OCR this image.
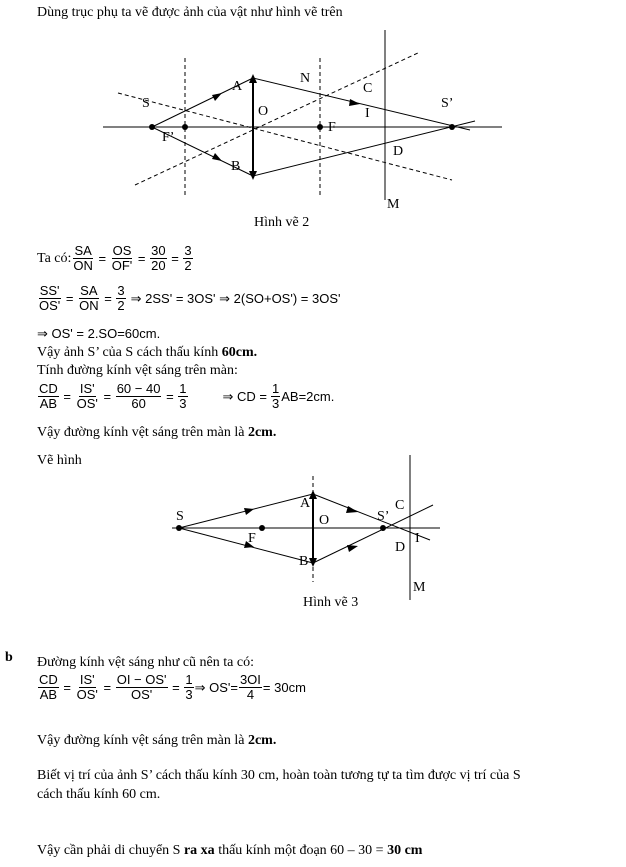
Dùng trục phụ ta vẽ được ảnh của vật như hình vẽ trên
S
A
N
C
I
S’
O
F
F’
B
D
M
Hình vẽ 2
Ta có: $\frac{SA}{ON} = \frac{OS}{OF'} = \frac{30}{20} = \frac{3}{2}$
$\frac{SS'}{OS'} = \frac{SA}{ON} = \frac{3}{2}$ ⇒ 2SS' = 3OS' ⇒ 2(SO+OS') = 3OS'
⇒ OS' = 2.SO=60cm.
Vậy ảnh S’ của S cách thấu kính 60cm.
Tính đường kính vệt sáng trên màn:
$\frac{CD}{AB} = \frac{IS'}{OS'} = \frac{60 - 40}{60} = \frac{1}{3}$	⇒ CD = $\frac{1}{3} AB=2cm$.
Vậy đường kính vệt sáng trên màn là 2cm.
Vẽ hình
S
A
O	S’
C
F
D
I
B
M
Hình vẽ 3
b Đường kính vệt sáng như cũ nên ta có:
$\frac{CD}{AB} = \frac{IS'}{OS'} = \frac{OI - OS'}{OS'} = \frac{1}{3}$ ⇒ $OS'= \frac{3OI}{4} = 30cm$
Vậy đường kính vệt sáng trên màn là 2cm.
Biết vị trí của ảnh S’ cách thấu kính 30 cm, hoàn toàn tương tự ta tìm được vị trí của S
cách thấu kính 60 cm.
Vậy cần phải di chuyển S ra xa thấu kính một đoạn 60 – 30 = 30 cm
